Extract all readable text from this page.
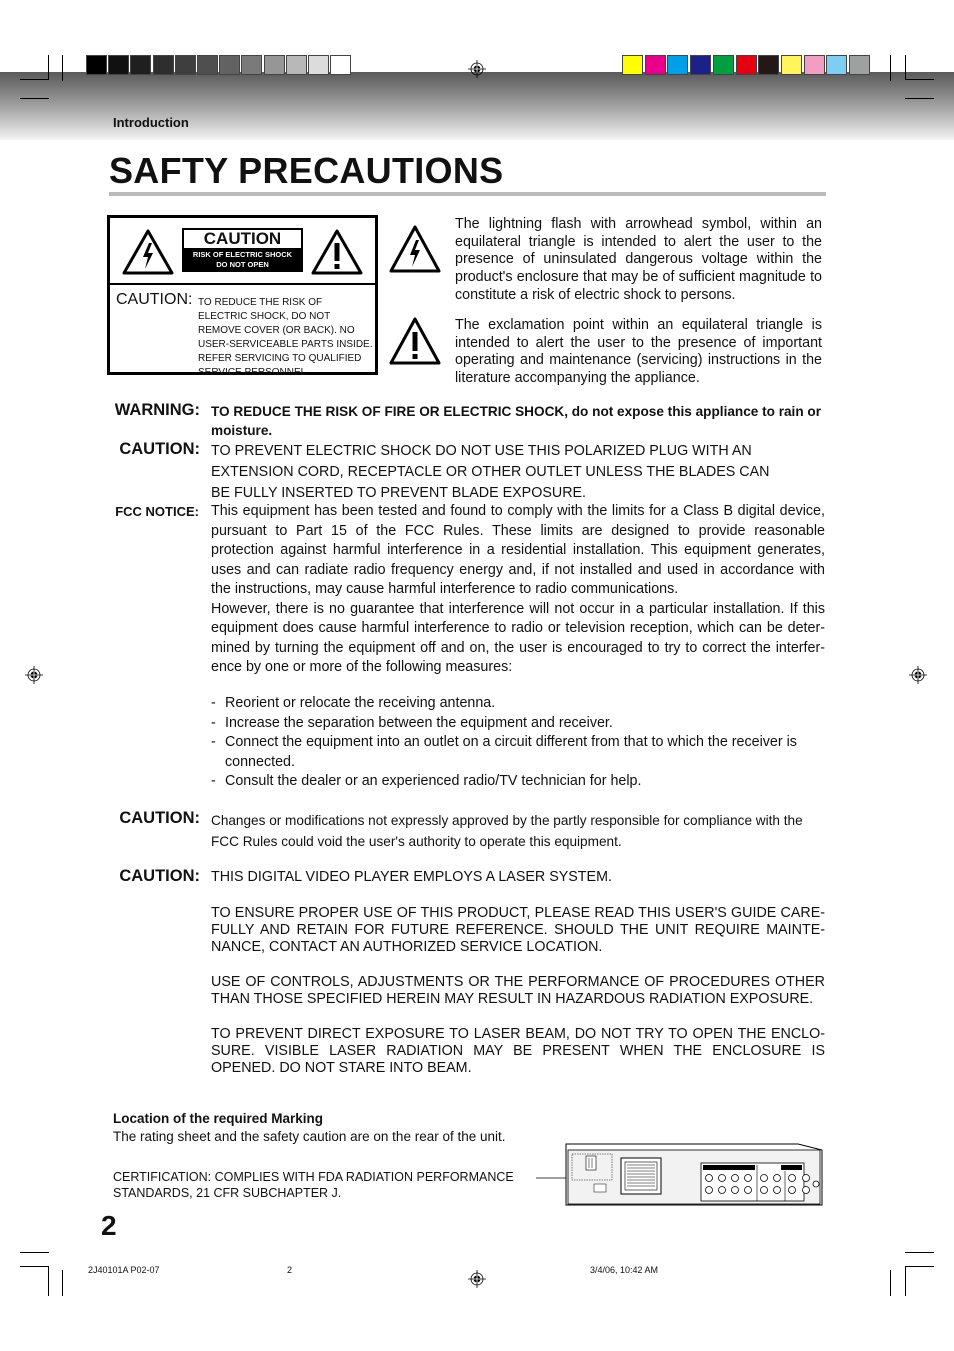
Introduction
SAFTY PRECAUTIONS
CAUTION
RISK OF ELECTRIC SHOCK
DO NOT OPEN
CAUTION: TO REDUCE THE RISK OF ELECTRIC SHOCK, DO NOT REMOVE COVER (OR BACK). NO USER-SERVICEABLE PARTS INSIDE. REFER SERVICING TO QUALIFIED SERVICE PERSONNEL.
The lightning flash with arrowhead symbol, within an equilateral triangle is intended to alert the user to the presence of uninsulated dangerous voltage within the product's enclosure that may be of sufficient magnitude to constitute a risk of electric shock to persons.
The exclamation point within an equilateral triangle is intended to alert the user to the presence of important operating and maintenance (servicing) instructions in the literature accompanying the appliance.
WARNING: TO REDUCE THE RISK OF FIRE OR ELECTRIC SHOCK, do not expose this appliance to rain or moisture.
CAUTION: TO PREVENT ELECTRIC SHOCK DO NOT USE THIS POLARIZED PLUG WITH AN EXTENSION CORD, RECEPTACLE OR OTHER OUTLET UNLESS THE BLADES CAN BE FULLY INSERTED TO PREVENT BLADE EXPOSURE.
FCC NOTICE: This equipment has been tested and found to comply with the limits for a Class B digital device, pursuant to Part 15 of the FCC Rules. These limits are designed to provide reasonable protection against harmful interference in a residential installation. This equipment generates, uses and can radiate radio frequency energy and, if not installed and used in accordance with the instructions, may cause harmful interference to radio communications.
However, there is no guarantee that interference will not occur in a particular installation. If this equipment does cause harmful interference to radio or television reception, which can be deter-mined by turning the equipment off and on, the user is encouraged to try to correct the interfer-ence by one or more of the following measures:
- Reorient or relocate the receiving antenna.
- Increase the separation between the equipment and receiver.
- Connect the equipment into an outlet on a circuit different from that to which the receiver is connected.
- Consult the dealer or an experienced radio/TV technician for help.
CAUTION: Changes or modifications not expressly approved by the partly responsible for compliance with the FCC Rules could void the user's authority to operate this equipment.
CAUTION: THIS DIGITAL VIDEO PLAYER EMPLOYS A LASER SYSTEM.
TO ENSURE PROPER USE OF THIS PRODUCT, PLEASE READ THIS USER'S GUIDE CARE-FULLY AND RETAIN FOR FUTURE REFERENCE. SHOULD THE UNIT REQUIRE MAINTE-NANCE, CONTACT AN AUTHORIZED SERVICE LOCATION.
USE OF CONTROLS, ADJUSTMENTS OR THE PERFORMANCE OF PROCEDURES OTHER THAN THOSE SPECIFIED HEREIN MAY RESULT IN HAZARDOUS RADIATION EXPOSURE.
TO PREVENT DIRECT EXPOSURE TO LASER BEAM, DO NOT TRY TO OPEN THE ENCLO-SURE. VISIBLE LASER RADIATION MAY BE PRESENT WHEN THE ENCLOSURE IS OPENED. DO NOT STARE INTO BEAM.
Location of the required Marking
The rating sheet and the safety caution are on the rear of the unit.
CERTIFICATION: COMPLIES WITH FDA RADIATION PERFORMANCE STANDARDS, 21 CFR SUBCHAPTER J.
2
2J40101A P02-07	2	3/4/06, 10:42 AM
